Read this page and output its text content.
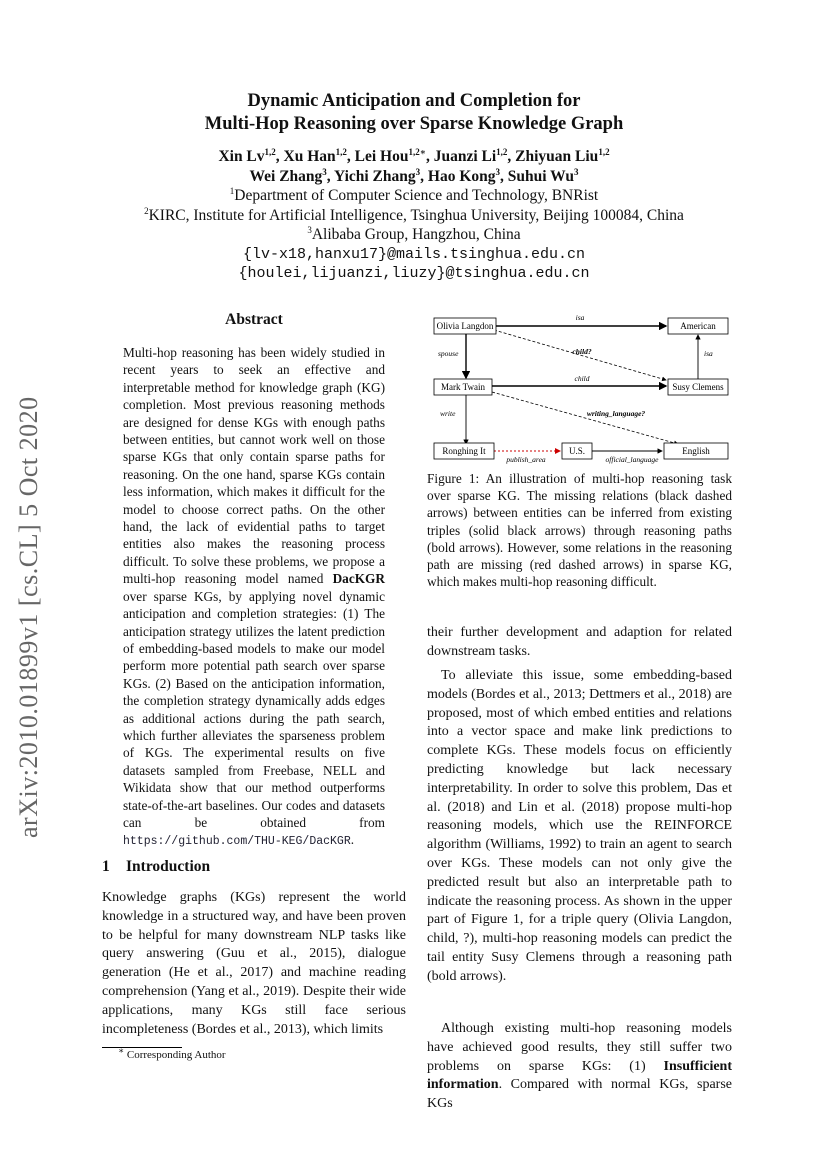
arXiv:2010.01899v1 [cs.CL] 5 Oct 2020
Dynamic Anticipation and Completion for
Multi-Hop Reasoning over Sparse Knowledge Graph
Xin Lv$^{1,2}$, Xu Han$^{1,2}$, Lei Hou$^{1,2∗}$, Juanzi Li$^{1,2}$, Zhiyuan Liu$^{1,2}$
Wei Zhang$^3$, Yichi Zhang$^3$, Hao Kong$^3$, Suhui Wu$^3$
$^1$Department of Computer Science and Technology, BNRist
$^2$KIRC, Institute for Artificial Intelligence, Tsinghua University, Beijing 100084, China
$^3$Alibaba Group, Hangzhou, China
{lv-x18,hanxu17}@mails.tsinghua.edu.cn
{houlei,lijuanzi,liuzy}@tsinghua.edu.cn
Abstract
Multi-hop reasoning has been widely studied in recent years to seek an effective and interpretable method for knowledge graph (KG) completion. Most previous reasoning methods are designed for dense KGs with enough paths between entities, but cannot work well on those sparse KGs that only contain sparse paths for reasoning. On the one hand, sparse KGs contain less information, which makes it difficult for the model to choose correct paths. On the other hand, the lack of evidential paths to target entities also makes the reasoning process difficult. To solve these problems, we propose a multi-hop reasoning model named DacKGR over sparse KGs, by applying novel dynamic anticipation and completion strategies: (1) The anticipation strategy utilizes the latent prediction of embedding-based models to make our model perform more potential path search over sparse KGs. (2) Based on the anticipation information, the completion strategy dynamically adds edges as additional actions during the path search, which further alleviates the sparseness problem of KGs. The experimental results on five datasets sampled from Freebase, NELL and Wikidata show that our method outperforms state-of-the-art baselines. Our codes and datasets can be obtained from https://github.com/THU-KEG/DacKGR.
1 Introduction
Knowledge graphs (KGs) represent the world knowledge in a structured way, and have been proven to be helpful for many downstream NLP tasks like query answering (Guu et al., 2015), dialogue generation (He et al., 2017) and machine reading comprehension (Yang et al., 2019). Despite their wide applications, many KGs still face serious incompleteness (Bordes et al., 2013), which limits
∗ Corresponding Author
Olivia Langdon	American
Mark Twain	Susy Clemens
Ronghing It	U.S.	English
isa
spouse	child?	isa
child
write	writing_language?
publish_area	official_language
Figure 1: An illustration of multi-hop reasoning task over sparse KG. The missing relations (black dashed arrows) between entities can be inferred from existing triples (solid black arrows) through reasoning paths (bold arrows). However, some relations in the reasoning path are missing (red dashed arrows) in sparse KG, which makes multi-hop reasoning difficult.
their further development and adaption for related downstream tasks.
To alleviate this issue, some embedding-based models (Bordes et al., 2013; Dettmers et al., 2018) are proposed, most of which embed entities and relations into a vector space and make link predictions to complete KGs. These models focus on efficiently predicting knowledge but lack necessary interpretability. In order to solve this problem, Das et al. (2018) and Lin et al. (2018) propose multi-hop reasoning models, which use the REINFORCE algorithm (Williams, 1992) to train an agent to search over KGs. These models can not only give the predicted result but also an interpretable path to indicate the reasoning process. As shown in the upper part of Figure 1, for a triple query (Olivia Langdon, child, ?), multi-hop reasoning models can predict the tail entity Susy Clemens through a reasoning path (bold arrows).
Although existing multi-hop reasoning models have achieved good results, they still suffer two problems on sparse KGs: (1) Insufficient information. Compared with normal KGs, sparse KGs
